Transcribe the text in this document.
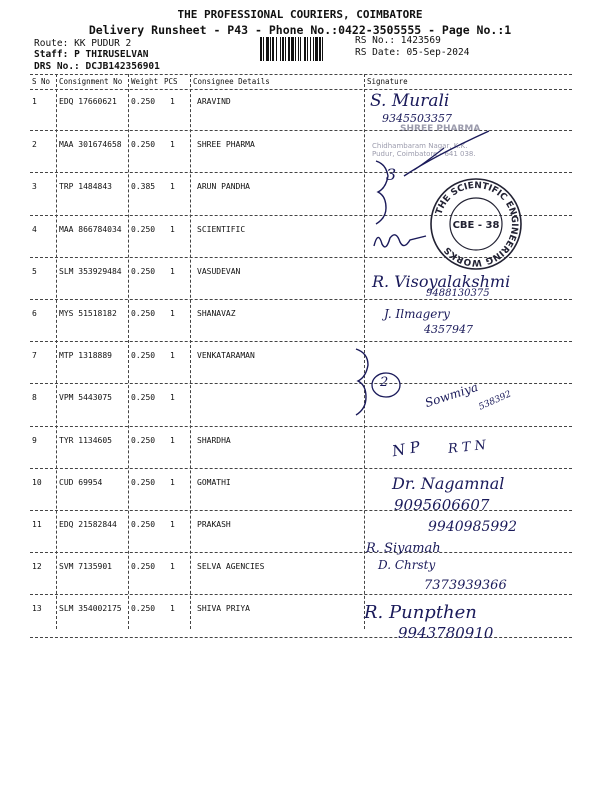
THE PROFESSIONAL COURIERS, COIMBATORE
Delivery Runsheet - P43 - Phone No.:0422-3505555 - Page No.:1
Route: KK PUDUR 2
Staff: P THIRUSELVAN
DRS No.: DCJB142356901
RS No.: 1423569
RS Date: 05-Sep-2024
S No Consignment No Weight PCS Consignee Details	Signature
1	EDQ 17660621 0.250 1	ARAVIND
2	MAA 301674658 0.250 1	SHREE PHARMA
3	TRP 1484843 0.385 1	ARUN PANDHA
4	MAA 866784034 0.250 1	SCIENTIFIC
5	SLM 353929484 0.250 1	VASUDEVAN
6	MYS 51518182 0.250 1	SHANAVAZ
7	MTP 1318889 0.250 1	VENKATARAMAN
8	VPM 5443075 0.250 1
9	TYR 1134605 0.250 1	SHARDHA
10 CUD 69954	0.250 1	GOMATHI
11 EDQ 21582844 0.250 1	PRAKASH
12 SVM 7135901 0.250 1	SELVA AGENCIES
13 SLM 354002175 0.250 1	SHIVA PRIYA
S. Murali
9345503357
SHREE PHARMA
Chidhambaram Nagar, K.K. Pudur, Coimbatore - 641 038.
3
THE SCIENTIFIC ENGINEERING WORKS
CBE - 38
R. Visoyalakshmi
9488130375
J. Ilmagery
4357947
2	Sowmiya
538392
N P R T N
Dr. Nagamnal
9095606607
9940985992
R. Siyamah
D. Chrsty
7373939366
R. Punpthen
9943780910
